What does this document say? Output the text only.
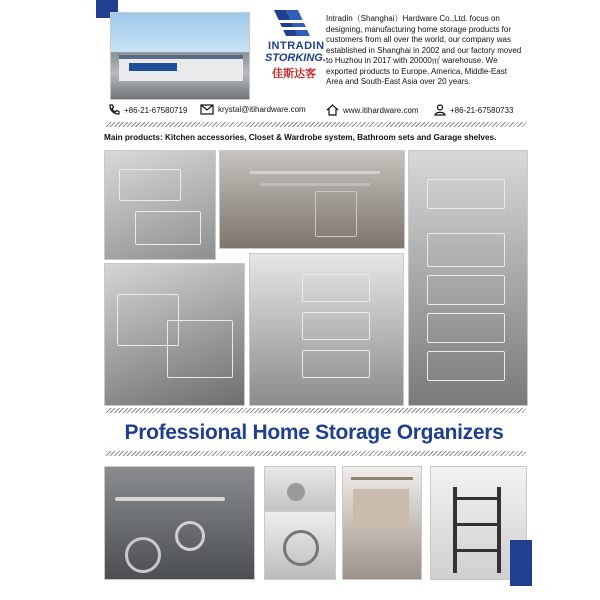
INTRADIN
STORKING.
佳斯达客
Intradin（Shanghai）Hardware Co.,Ltd. focus on designing, manufacturing home storage products for customers from all over the world, our company was established in Shanghai in 2002 and our factory moved to Huzhou in 2017 with 20000㎡ warehouse. We exported products to Europe, America, Middle-East Area and South-East Asia over 20 years.
+86-21-67580719	krystal@itihardware.com	www.itihardware.com	+86-21-67580733
Main products: Kitchen accessories, Closet & Wardrobe system, Bathroom sets and Garage shelves.
Professional Home Storage Organizers
